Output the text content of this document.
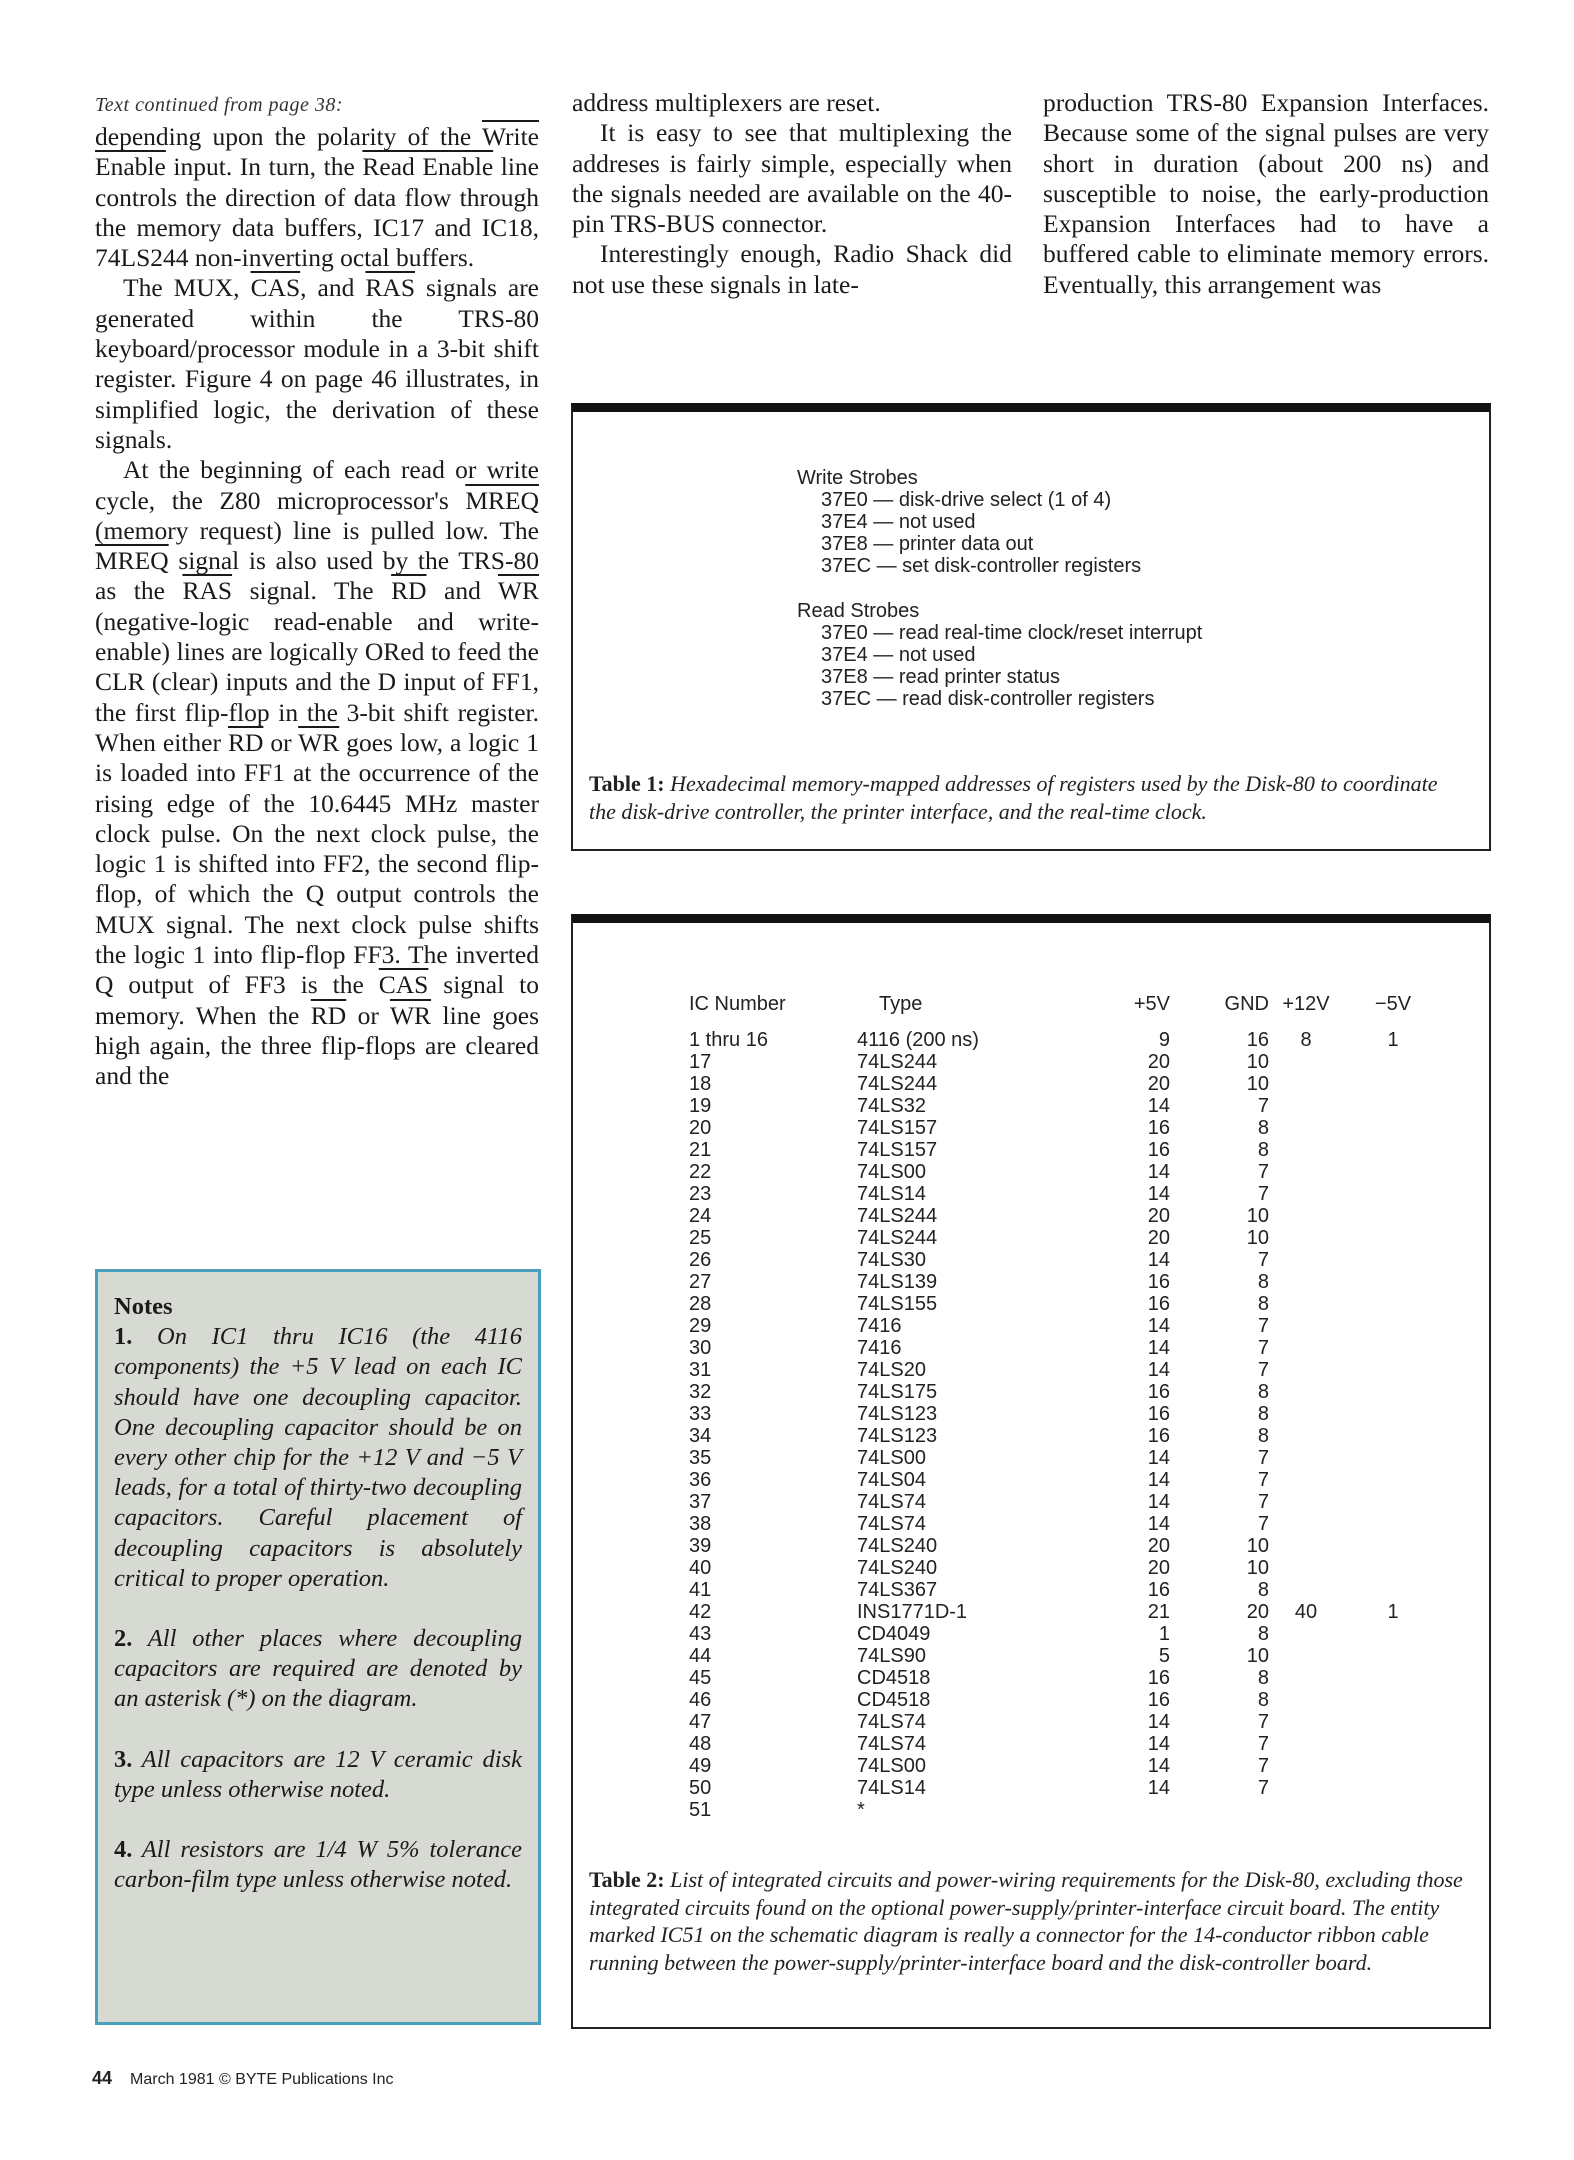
Text continued from page 38:

depending upon the polarity of the Write Enable input. In turn, the Read Enable line controls the direction of data flow through the memory data buffers, IC17 and IC18, 74LS244 non-inverting octal buffers.

The MUX, $\overline{CAS}$, and $\overline{RAS}$ signals are generated within the TRS-80 keyboard/processor module in a 3-bit shift register. Figure 4 on page 46 illustrates, in simplified logic, the derivation of these signals.

At the beginning of each read or write cycle, the Z80 microprocessor's MREQ (memory request) line is pulled low. The MREQ signal is also used by the TRS-80 as the $\overline{RAS}$ signal. The $\overline{RD}$ and $\overline{WR}$ (negative-logic read-enable and write-enable) lines are logically ORed to feed the CLR (clear) inputs and the D input of FF1, the first flip-flop in the 3-bit shift register. When either $\overline{RD}$ or $\overline{WR}$ goes low, a logic 1 is loaded into FF1 at the occurrence of the rising edge of the 10.6445 MHz master clock pulse. On the next clock pulse, the logic 1 is shifted into FF2, the second flip-flop, of which the Q output controls the MUX signal. The next clock pulse shifts the logic 1 into flip-flop FF3. The inverted Q output of FF3 is the $\overline{CAS}$ signal to memory. When the $\overline{RD}$ or $\overline{WR}$ line goes high again, the three flip-flops are cleared and the

address multiplexers are reset.

It is easy to see that multiplexing the addreses is fairly simple, especially when the signals needed are available on the 40-pin TRS-BUS connector.

Interestingly enough, Radio Shack did not use these signals in late-

production TRS-80 Expansion Interfaces. Because some of the signal pulses are very short in duration (about 200 ns) and susceptible to noise, the early-production Expansion Interfaces had to have a buffered cable to eliminate memory errors. Eventually, this arrangement was

Write Strobes
37E0 — disk-drive select (1 of 4)
37E4 — not used
37E8 — printer data out
37EC — set disk-controller registers
Read Strobes
37E0 — read real-time clock/reset interrupt
37E4 — not used
37E8 — read printer status
37EC — read disk-controller registers
Table 1: Hexadecimal memory-mapped addresses of registers used by the Disk-80 to coordinate the disk-drive controller, the printer interface, and the real-time clock.
IC Number	Type	+5V	GND	+12V	−5V
1 thru 16	4116 (200 ns)	9	16	8	1
17	74LS244	20	10		
18	74LS244	20	10		
19	74LS32	14	7		
20	74LS157	16	8		
21	74LS157	16	8		
22	74LS00	14	7		
23	74LS14	14	7		
24	74LS244	20	10		
25	74LS244	20	10		
26	74LS30	14	7		
27	74LS139	16	8		
28	74LS155	16	8		
29	7416	14	7		
30	7416	14	7		
31	74LS20	14	7		
32	74LS175	16	8		
33	74LS123	16	8		
34	74LS123	16	8		
35	74LS00	14	7		
36	74LS04	14	7		
37	74LS74	14	7		
38	74LS74	14	7		
39	74LS240	20	10		
40	74LS240	20	10		
41	74LS367	16	8		
42	INS1771D-1	21	20	40	1
43	CD4049	1	8		
44	74LS90	5	10		
45	CD4518	16	8		
46	CD4518	16	8		
47	74LS74	14	7		
48	74LS74	14	7		
49	74LS00	14	7		
50	74LS14	14	7		
51	*				
Table 2: List of integrated circuits and power-wiring requirements for the Disk-80, excluding those integrated circuits found on the optional power-supply/printer-interface circuit board. The entity marked IC51 on the schematic diagram is really a connector for the 14-conductor ribbon cable running between the power-supply/printer-interface board and the disk-controller board.
Notes

1. On IC1 thru IC16 (the 4116 components) the +5 V lead on each IC should have one decoupling capacitor. One decoupling capacitor should be on every other chip for the +12 V and −5 V leads, for a total of thirty-two decoupling capacitors. Careful placement of decoupling capacitors is absolutely critical to proper operation.

2. All other places where decoupling capacitors are required are denoted by an asterisk (*) on the diagram.

3. All capacitors are 12 V ceramic disk type unless otherwise noted.

4. All resistors are 1/4 W 5% tolerance carbon-film type unless otherwise noted.

44 March 1981 © BYTE Publications Inc
